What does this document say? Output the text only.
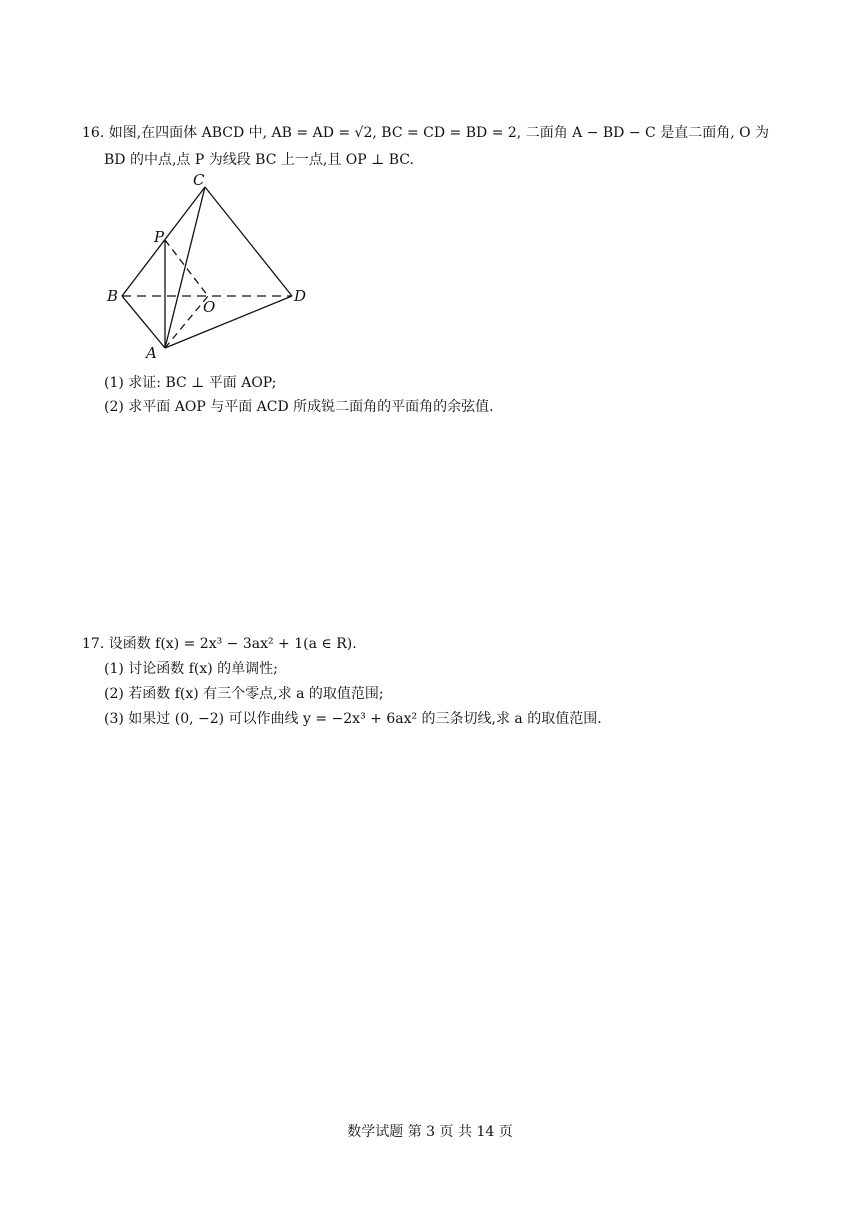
16. 如图,在四面体 ABCD 中, AB = AD = √2, BC = CD = BD = 2, 二面角 A − BD − C 是直二面角, O 为
BD 的中点,点 P 为线段 BC 上一点,且 OP ⊥ BC.
C
P
B
O
D
A
(1) 求证: BC ⊥ 平面 AOP;
(2) 求平面 AOP 与平面 ACD 所成锐二面角的平面角的余弦值.
17. 设函数 f(x) = 2x³ − 3ax² + 1(a ∈ R).
(1) 讨论函数 f(x) 的单调性;
(2) 若函数 f(x) 有三个零点,求 a 的取值范围;
(3) 如果过 (0, −2) 可以作曲线 y = −2x³ + 6ax² 的三条切线,求 a 的取值范围.
数学试题 第 3 页 共 14 页
